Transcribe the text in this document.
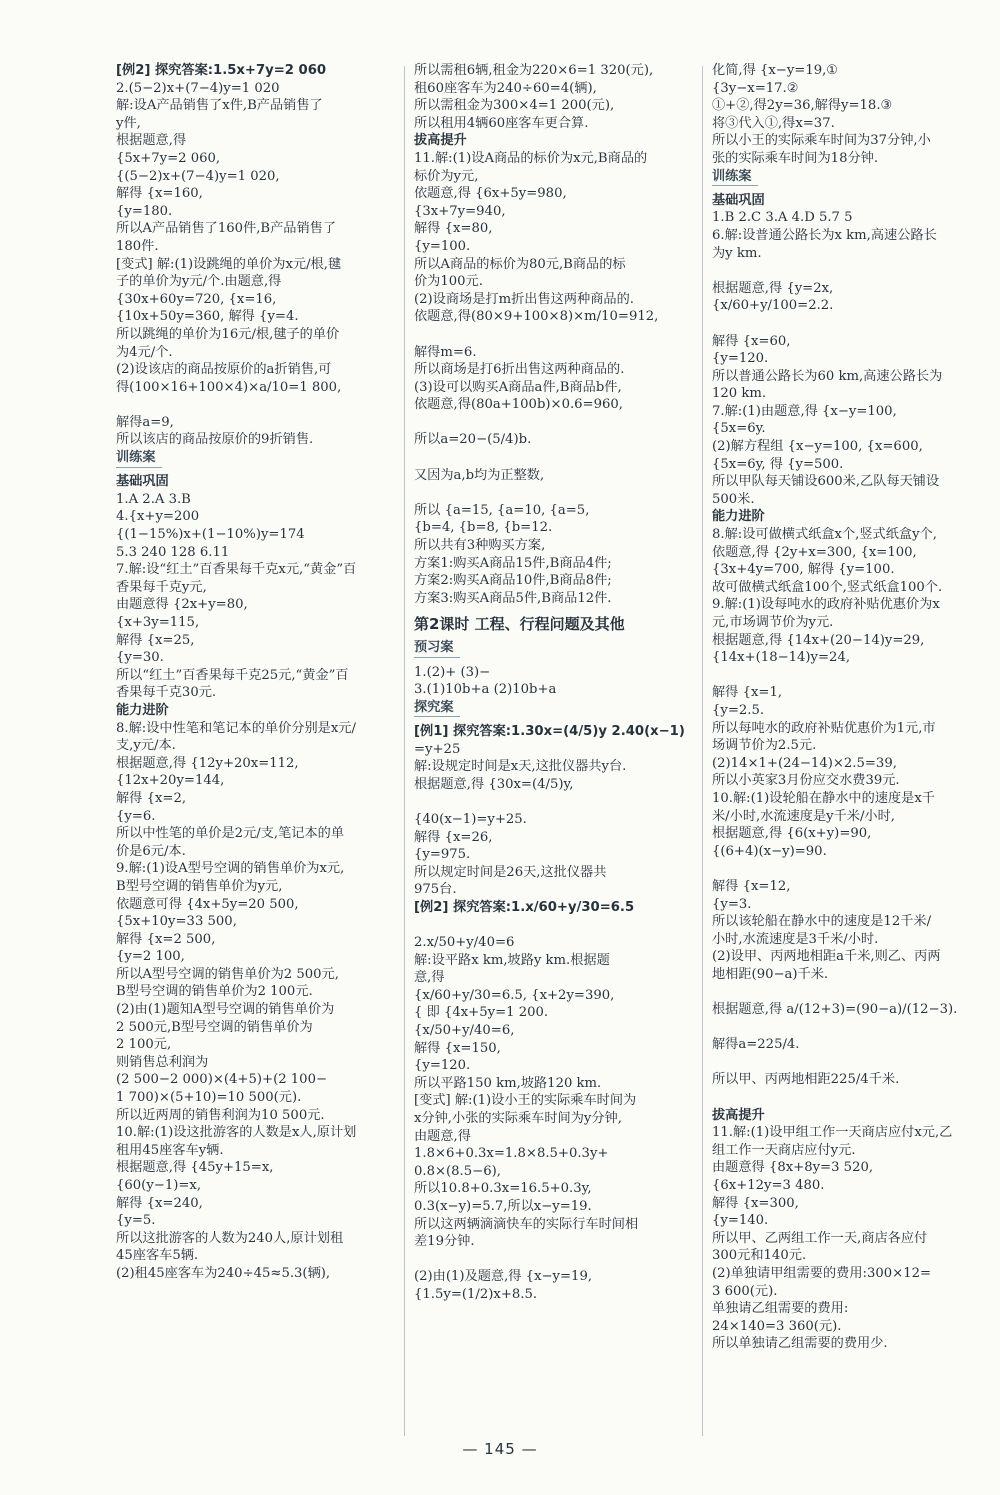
[例2] 探究答案:1.5x+7y=2 060
2.(5−2)x+(7−4)y=1 020
解:设A产品销售了x件,B产品销售了
y件,
根据题意,得
{5x+7y=2 060,
{(5−2)x+(7−4)y=1 020,
解得 {x=160,
{y=180.
所以A产品销售了160件,B产品销售了
180件.
[变式] 解:(1)设跳绳的单价为x元/根,毽
子的单价为y元/个.由题意,得
{30x+60y=720, {x=16,
{10x+50y=360, 解得 {y=4.
所以跳绳的单价为16元/根,毽子的单价
为4元/个.
(2)设该店的商品按原价的a折销售,可
得(100×16+100×4)×a/10=1 800,
解得a=9,
所以该店的商品按原价的9折销售.
训练案
基础巩固
1.A 2.A 3.B
4.{x+y=200
{(1−15%)x+(1−10%)y=174
5.3 240 128 6.11
7.解:设“红土”百香果每千克x元,“黄金”百
香果每千克y元,
由题意得 {2x+y=80,
{x+3y=115,
解得 {x=25,
{y=30.
所以“红土”百香果每千克25元,“黄金”百
香果每千克30元.
能力进阶
8.解:设中性笔和笔记本的单价分别是x元/
支,y元/本.
根据题意,得 {12y+20x=112,
{12x+20y=144,
解得 {x=2,
{y=6.
所以中性笔的单价是2元/支,笔记本的单
价是6元/本.
9.解:(1)设A型号空调的销售单价为x元,
B型号空调的销售单价为y元,
依题意可得 {4x+5y=20 500,
{5x+10y=33 500,
解得 {x=2 500,
{y=2 100,
所以A型号空调的销售单价为2 500元,
B型号空调的销售单价为2 100元.
(2)由(1)题知A型号空调的销售单价为
2 500元,B型号空调的销售单价为
2 100元,
则销售总利润为
(2 500−2 000)×(4+5)+(2 100−
1 700)×(5+10)=10 500(元).
所以近两周的销售利润为10 500元.
10.解:(1)设这批游客的人数是x人,原计划
租用45座客车y辆.
根据题意,得 {45y+15=x,
{60(y−1)=x,
解得 {x=240,
{y=5.
所以这批游客的人数为240人,原计划租
45座客车5辆.
(2)租45座客车为240÷45≈5.3(辆),
所以需租6辆,租金为220×6=1 320(元),
租60座客车为240÷60=4(辆),
所以需租金为300×4=1 200(元),
所以租用4辆60座客车更合算.
拔高提升
11.解:(1)设A商品的标价为x元,B商品的
标价为y元,
依题意,得 {6x+5y=980,
{3x+7y=940,
解得 {x=80,
{y=100.
所以A商品的标价为80元,B商品的标
价为100元.
(2)设商场是打m折出售这两种商品的.
依题意,得(80×9+100×8)×m/10=912,
解得m=6.
所以商场是打6折出售这两种商品的.
(3)设可以购买A商品a件,B商品b件,
依题意,得(80a+100b)×0.6=960,
所以a=20−(5/4)b.
又因为a,b均为正整数,
所以 {a=15, {a=10, {a=5,
{b=4, {b=8, {b=12.
所以共有3种购买方案,
方案1:购买A商品15件,B商品4件;
方案2:购买A商品10件,B商品8件;
方案3:购买A商品5件,B商品12件.
第2课时 工程、行程问题及其他
预习案
1.(2)+ (3)−
3.(1)10b+a (2)10b+a
探究案
[例1] 探究答案:1.30x=(4/5)y 2.40(x−1)
=y+25
解:设规定时间是x天,这批仪器共y台.
根据题意,得 {30x=(4/5)y,
{40(x−1)=y+25.
解得 {x=26,
{y=975.
所以规定时间是26天,这批仪器共
975台.
[例2] 探究答案:1.x/60+y/30=6.5
2.x/50+y/40=6
解:设平路x km,坡路y km.根据题
意,得
{x/60+y/30=6.5, {x+2y=390,
{ 即 {4x+5y=1 200.
{x/50+y/40=6,
解得 {x=150,
{y=120.
所以平路150 km,坡路120 km.
[变式] 解:(1)设小王的实际乘车时间为
x分钟,小张的实际乘车时间为y分钟,
由题意,得
1.8×6+0.3x=1.8×8.5+0.3y+
0.8×(8.5−6),
所以10.8+0.3x=16.5+0.3y,
0.3(x−y)=5.7,所以x−y=19.
所以这两辆滴滴快车的实际行车时间相
差19分钟.
(2)由(1)及题意,得 {x−y=19,
{1.5y=(1/2)x+8.5.
化简,得 {x−y=19,①
{3y−x=17.②
①+②,得2y=36,解得y=18.③
将③代入①,得x=37.
所以小王的实际乘车时间为37分钟,小
张的实际乘车时间为18分钟.
训练案
基础巩固
1.B 2.C 3.A 4.D 5.7 5
6.解:设普通公路长为x km,高速公路长
为y km.
根据题意,得 {y=2x,
{x/60+y/100=2.2.
解得 {x=60,
{y=120.
所以普通公路长为60 km,高速公路长为
120 km.
7.解:(1)由题意,得 {x−y=100,
{5x=6y.
(2)解方程组 {x−y=100, {x=600,
{5x=6y, 得 {y=500.
所以甲队每天铺设600米,乙队每天铺设
500米.
能力进阶
8.解:设可做横式纸盒x个,竖式纸盒y个,
依题意,得 {2y+x=300, {x=100,
{3x+4y=700, 解得 {y=100.
故可做横式纸盒100个,竖式纸盒100个.
9.解:(1)设每吨水的政府补贴优惠价为x
元,市场调节价为y元.
根据题意,得 {14x+(20−14)y=29,
{14x+(18−14)y=24,
解得 {x=1,
{y=2.5.
所以每吨水的政府补贴优惠价为1元,市
场调节价为2.5元.
(2)14×1+(24−14)×2.5=39,
所以小英家3月份应交水费39元.
10.解:(1)设轮船在静水中的速度是x千
米/小时,水流速度是y千米/小时,
根据题意,得 {6(x+y)=90,
{(6+4)(x−y)=90.
解得 {x=12,
{y=3.
所以该轮船在静水中的速度是12千米/
小时,水流速度是3千米/小时.
(2)设甲、丙两地相距a千米,则乙、丙两
地相距(90−a)千米.
根据题意,得 a/(12+3)=(90−a)/(12−3).
解得a=225/4.
所以甲、丙两地相距225/4千米.
拔高提升
11.解:(1)设甲组工作一天商店应付x元,乙
组工作一天商店应付y元.
由题意得 {8x+8y=3 520,
{6x+12y=3 480.
解得 {x=300,
{y=140.
所以甲、乙两组工作一天,商店各应付
300元和140元.
(2)单独请甲组需要的费用:300×12=
3 600(元).
单独请乙组需要的费用:
24×140=3 360(元).
所以单独请乙组需要的费用少.
— 145 —
